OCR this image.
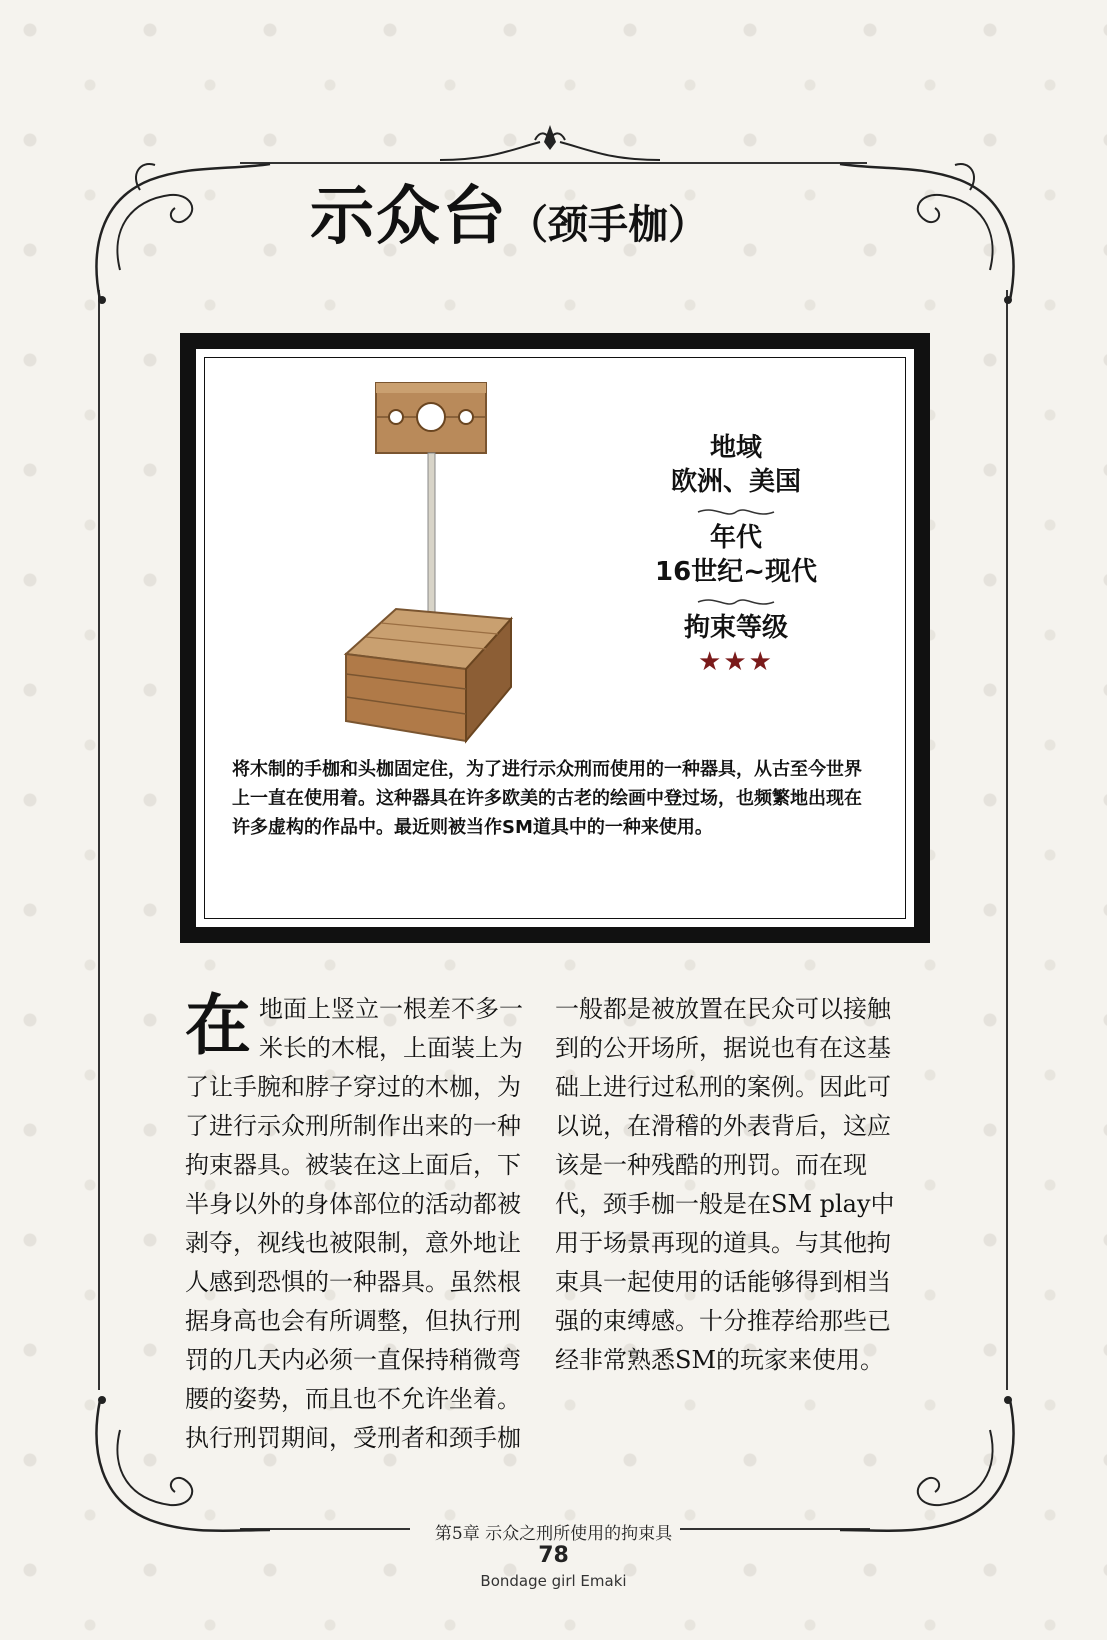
示众台（颈手枷）
地域
欧洲、美国
年代
16世纪~现代
拘束等级
★★★
将木制的手枷和头枷固定住，为了进行示众刑而使用的一种器具，从古至今世界上一直在使用着。这种器具在许多欧美的古老的绘画中登过场，也频繁地出现在许多虚构的作品中。最近则被当作SM道具中的一种来使用。
在地面上竖立一根差不多一米长的木棍，上面装上为了让手腕和脖子穿过的木枷，为了进行示众刑所制作出来的一种拘束器具。被装在这上面后，下半身以外的身体部位的活动都被剥夺，视线也被限制，意外地让人感到恐惧的一种器具。虽然根据身高也会有所调整，但执行刑罚的几天内必须一直保持稍微弯腰的姿势，而且也不允许坐着。执行刑罚期间，受刑者和颈手枷
一般都是被放置在民众可以接触到的公开场所，据说也有在这基础上进行过私刑的案例。因此可以说，在滑稽的外表背后，这应该是一种残酷的刑罚。而在现代，颈手枷一般是在SM play中用于场景再现的道具。与其他拘束具一起使用的话能够得到相当强的束缚感。十分推荐给那些已经非常熟悉SM的玩家来使用。
第5章 示众之刑所使用的拘束具
78
Bondage girl Emaki
